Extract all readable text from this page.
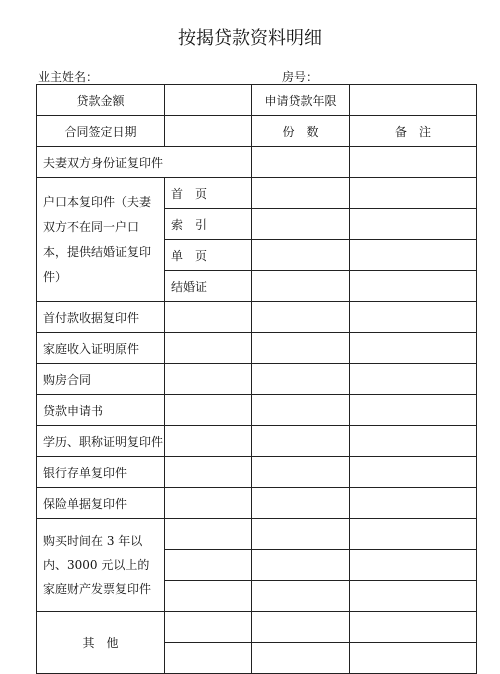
按揭贷款资料明细
业主姓名：	房号：
贷款金额		申请贷款年限	
合同签定日期		份　数	备　注
夫妻双方身份证复印件			
户口本复印件（夫妻双方不在同一户口本，提供结婚证复印件）	首　页		
	索　引		
	单　页		
	结婚证		
首付款收据复印件			
家庭收入证明原件			
购房合同			
贷款申请书			
学历、职称证明复印件			
银行存单复印件			
保险单据复印件			
购买时间在 3 年以内、3000 元以上的家庭财产发票复印件			

其　他			
